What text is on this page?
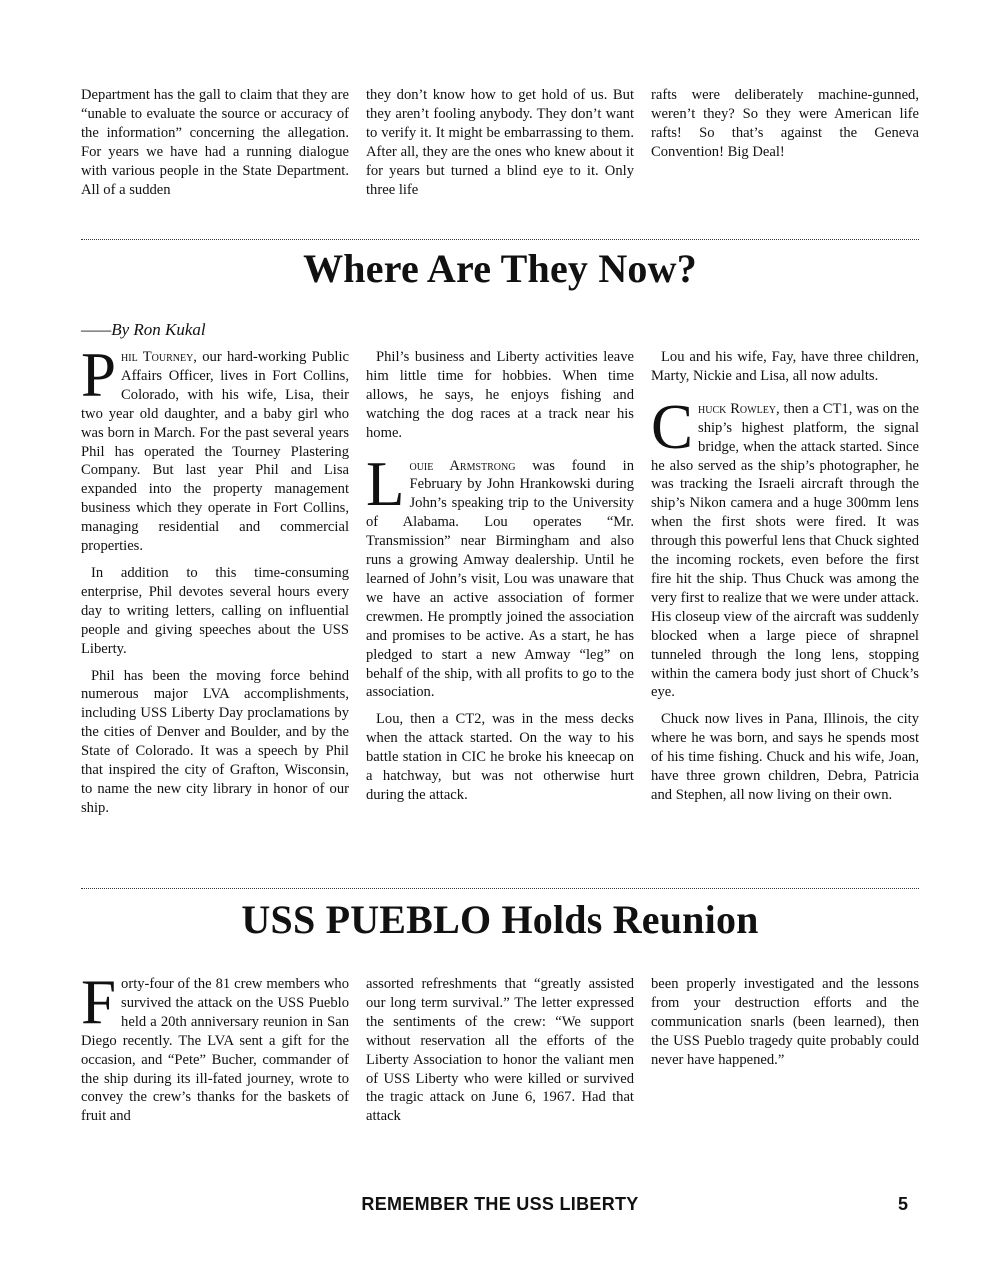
Department has the gall to claim that they are “unable to evaluate the source or accuracy of the information” concerning the allegation. For years we have had a running dialogue with various people in the State Department. All of a sudden

they don’t know how to get hold of us. But they aren’t fooling anybody. They don’t want to verify it. It might be embarrassing to them. After all, they are the ones who knew about it for years but turned a blind eye to it. Only three life

rafts were deliberately machine-gunned, weren’t they? So they were American life rafts! So that’s against the Geneva Convention! Big Deal!

Where Are They Now?
——By Ron Kukal

Phil Tourney, our hard-working Public Affairs Officer, lives in Fort Collins, Colorado, with his wife, Lisa, their two year old daughter, and a baby girl who was born in March. For the past several years Phil has operated the Tourney Plastering Company. But last year Phil and Lisa expanded into the property management business which they operate in Fort Collins, managing residential and commercial properties.

In addition to this time-consuming enterprise, Phil devotes several hours every day to writing letters, calling on influential people and giving speeches about the USS Liberty.

Phil has been the moving force behind numerous major LVA accomplishments, including USS Liberty Day proclamations by the cities of Denver and Boulder, and by the State of Colorado. It was a speech by Phil that inspired the city of Grafton, Wisconsin, to name the new city library in honor of our ship.

Phil’s business and Liberty activities leave him little time for hobbies. When time allows, he says, he enjoys fishing and watching the dog races at a track near his home.

Louie Armstrong was found in February by John Hrankowski during John’s speaking trip to the University of Alabama. Lou operates “Mr. Transmission” near Birmingham and also runs a growing Amway dealership. Until he learned of John’s visit, Lou was unaware that we have an active association of former crewmen. He promptly joined the association and promises to be active. As a start, he has pledged to start a new Amway “leg” on behalf of the ship, with all profits to go to the association.

Lou, then a CT2, was in the mess decks when the attack started. On the way to his battle station in CIC he broke his kneecap on a hatchway, but was not otherwise hurt during the attack.

Lou and his wife, Fay, have three children, Marty, Nickie and Lisa, all now adults.

Chuck Rowley, then a CT1, was on the ship’s highest platform, the signal bridge, when the attack started. Since he also served as the ship’s photographer, he was tracking the Israeli aircraft through the ship’s Nikon camera and a huge 300mm lens when the first shots were fired. It was through this powerful lens that Chuck sighted the incoming rockets, even before the first fire hit the ship. Thus Chuck was among the very first to realize that we were under attack. His closeup view of the aircraft was suddenly blocked when a large piece of shrapnel tunneled through the long lens, stopping within the camera body just short of Chuck’s eye.

Chuck now lives in Pana, Illinois, the city where he was born, and says he spends most of his time fishing. Chuck and his wife, Joan, have three grown children, Debra, Patricia and Stephen, all now living on their own.

USS PUEBLO Holds Reunion

Forty-four of the 81 crew members who survived the attack on the USS Pueblo held a 20th anniversary reunion in San Diego recently. The LVA sent a gift for the occasion, and “Pete” Bucher, commander of the ship during its ill-fated journey, wrote to convey the crew’s thanks for the baskets of fruit and

assorted refreshments that “greatly assisted our long term survival.” The letter expressed the sentiments of the crew: “We support without reservation all the efforts of the Liberty Association to honor the valiant men of USS Liberty who were killed or survived the tragic attack on June 6, 1967. Had that attack

been properly investigated and the lessons from your destruction efforts and the communication snarls (been learned), then the USS Pueblo tragedy quite probably could never have happened.”

REMEMBER THE USS LIBERTY	5
